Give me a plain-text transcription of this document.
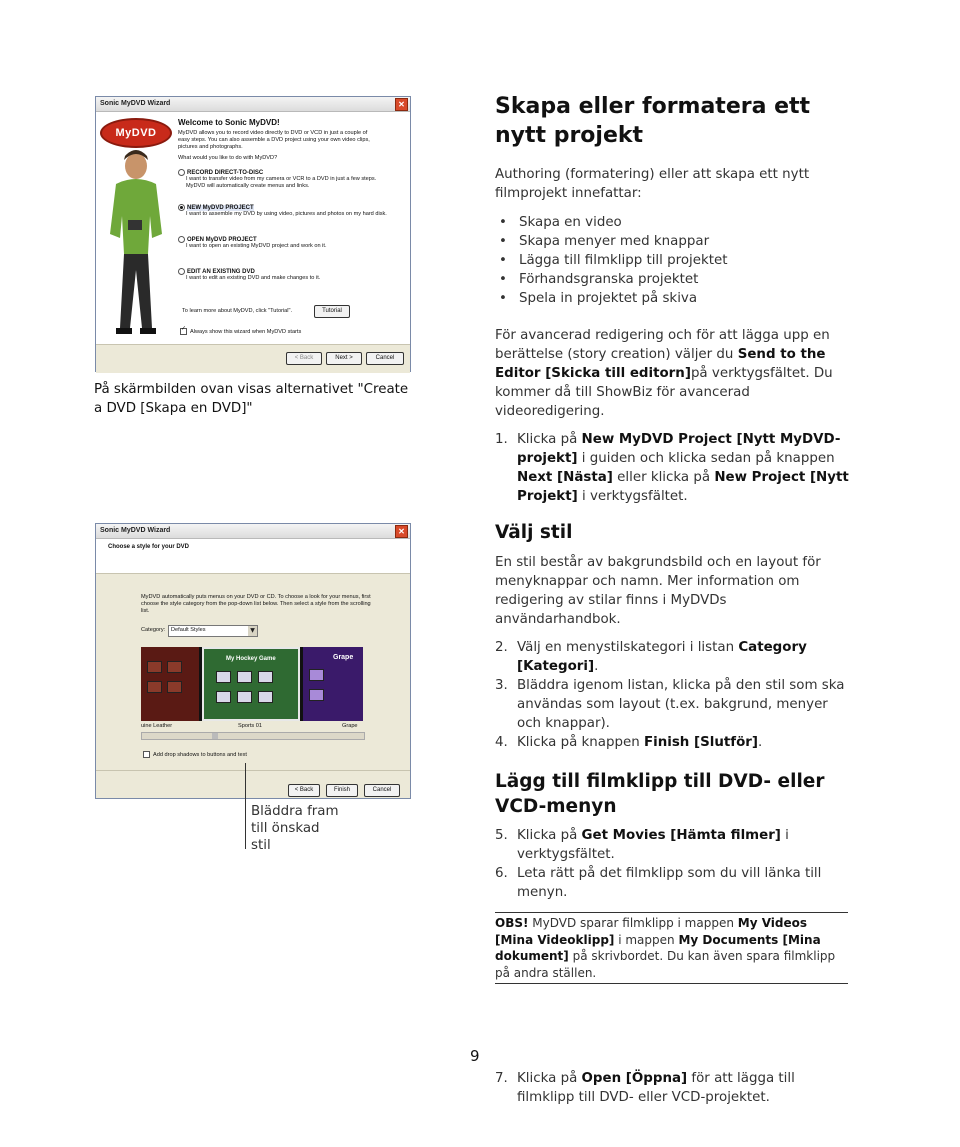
Sonic MyDVD Wizard	✕
MyDVD
Welcome to Sonic MyDVD!
MyDVD allows you to record video directly to DVD or VCD in just a couple of easy steps. You can also assemble a DVD project using your own video clips, pictures and photographs.
What would you like to do with MyDVD?
RECORD DIRECT-TO-DISC
I want to transfer video from my camera or VCR to a DVD in just a few steps. MyDVD will automatically create menus and links.
NEW MyDVD PROJECT
I want to assemble my DVD by using video, pictures and photos on my hard disk.
OPEN MyDVD PROJECT
I want to open an existing MyDVD project and work on it.
EDIT AN EXISTING DVD
I want to edit an existing DVD and make changes to it.
To learn more about MyDVD, click "Tutorial".	Tutorial
✓Always show this wizard when MyDVD starts
< Back	Next >	Cancel
På skärmbilden ovan visas alternativet "Create a DVD [Skapa en DVD]"
Sonic MyDVD Wizard	✕
Choose a style for your DVD
MyDVD automatically puts menus on your DVD or CD. To choose a look for your menus, first choose the style category from the pop-down list below. Then select a style from the scrolling list.
Category: Default Styles	▼
My Hockey Game	Grape
uine Leather	Sports 01	Grape
Add drop shadows to buttons and text
< Back	Finish	Cancel
Bläddra fram till önskad stil
Skapa eller formatera ett nytt projekt
Authoring (formatering) eller att skapa ett nytt filmprojekt innefattar:
• Skapa en video
• Skapa menyer med knappar
• Lägga till filmklipp till projektet
• Förhandsgranska projektet
• Spela in projektet på skiva
För avancerad redigering och för att lägga upp en berättelse (story creation) väljer du Send to the Editor [Skicka till editorn]på verktygsfältet. Du kommer då till ShowBiz för avancerad videoredigering.
1. Klicka på New MyDVD Project [Nytt MyDVD-projekt] i guiden och klicka sedan på knappen Next [Nästa] eller klicka på New Project [Nytt Projekt] i verktygsfältet.
Välj stil
En stil består av bakgrundsbild och en layout för menyknappar och namn. Mer information om redigering av stilar finns i MyDVDs användarhandbok.
2. Välj en menystilskategori i listan Category [Kategori].
3. Bläddra igenom listan, klicka på den stil som ska användas som layout (t.ex. bakgrund, menyer och knappar).
4. Klicka på knappen Finish [Slutför].
Lägg till filmklipp till DVD- eller VCD-menyn
5. Klicka på Get Movies [Hämta filmer] i verktygsfältet.
6. Leta rätt på det filmklipp som du vill länka till menyn.
OBS! MyDVD sparar filmklipp i mappen My Videos [Mina Videoklipp] i mappen My Documents [Mina dokument] på skrivbordet. Du kan även spara filmklipp på andra ställen.
7. Klicka på Open [Öppna] för att lägga till filmklipp till DVD- eller VCD-projektet.
9
